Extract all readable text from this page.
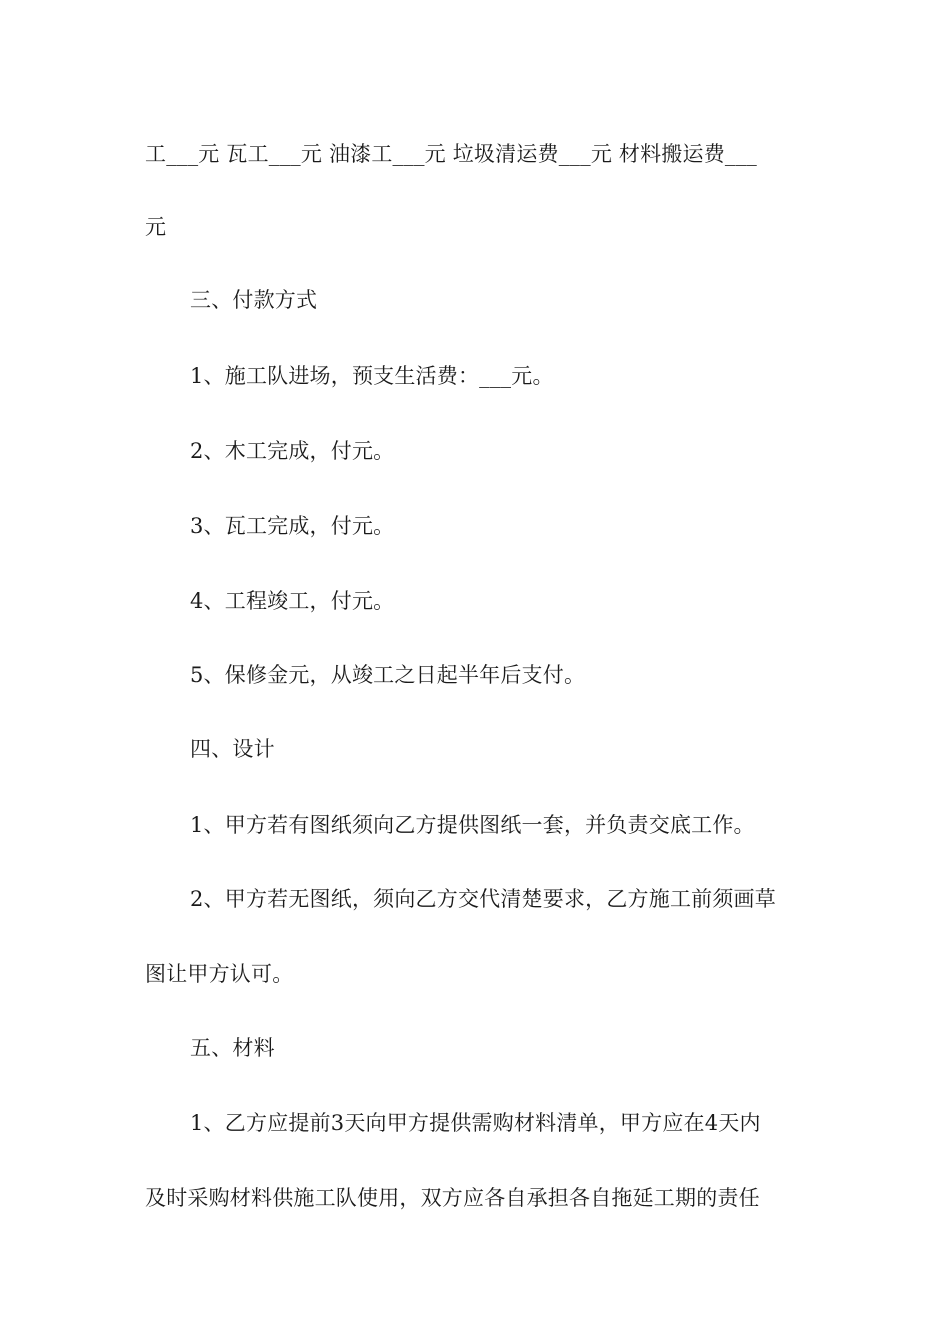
工___元 瓦工___元 油漆工___元 垃圾清运费___元 材料搬运费___
元
三、付款方式
1、施工队进场，预支生活费：___元。
2、木工完成，付元。
3、瓦工完成，付元。
4、工程竣工，付元。
5、保修金元，从竣工之日起半年后支付。
四、设计
1、甲方若有图纸须向乙方提供图纸一套，并负责交底工作。
2、甲方若无图纸，须向乙方交代清楚要求，乙方施工前须画草
图让甲方认可。
五、材料
1、乙方应提前3天向甲方提供需购材料清单，甲方应在4天内
及时采购材料供施工队使用，双方应各自承担各自拖延工期的责任
